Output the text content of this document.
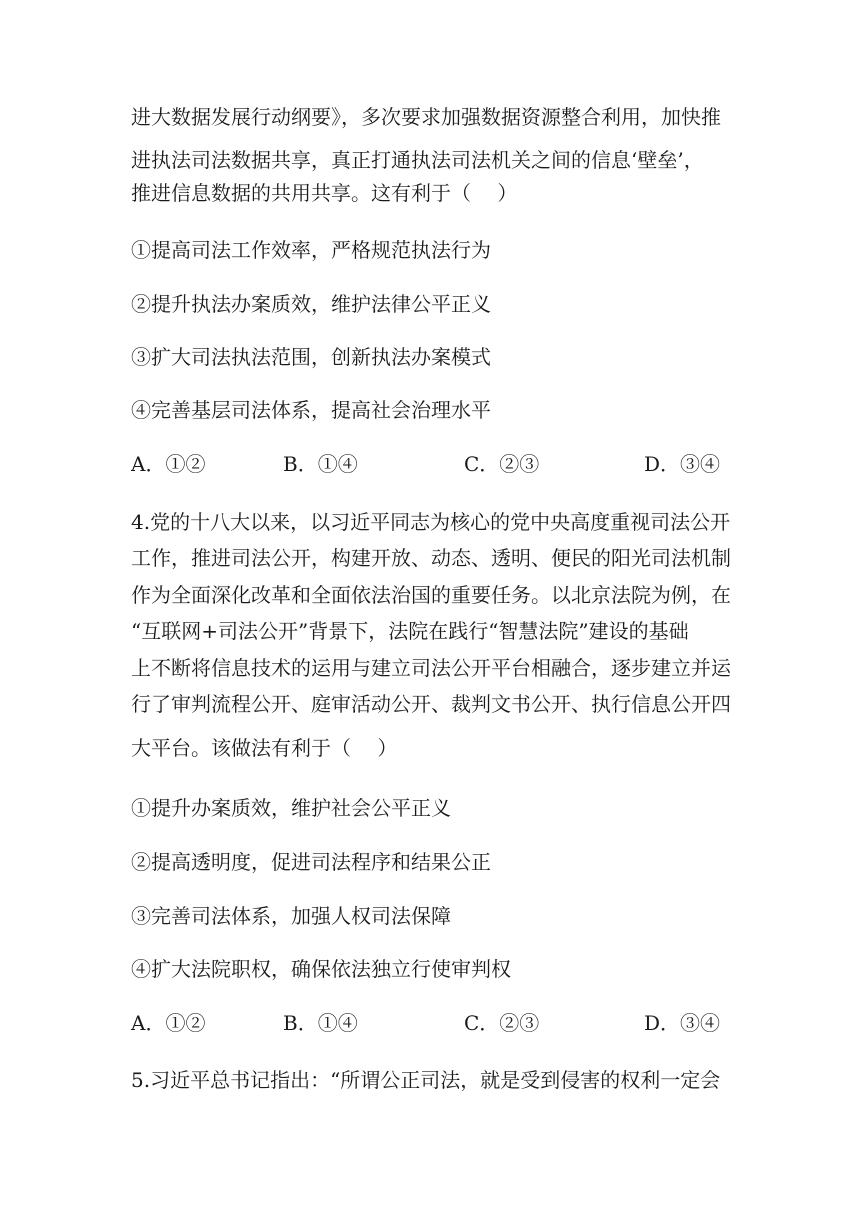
进大数据发展行动纲要》，多次要求加强数据资源整合利用，加快推
进执法司法数据共享，真正打通执法司法机关之间的信息‘壁垒’，
推进信息数据的共用共享。这有利于（　 ）
①提高司法工作效率，严格规范执法行为
②提升执法办案质效，维护法律公平正义
③扩大司法执法范围，创新执法办案模式
④完善基层司法体系，提高社会治理水平
A．①②	B．①④	C．②③	D．③④
4.党的十八大以来，以习近平同志为核心的党中央高度重视司法公开
工作，推进司法公开，构建开放、动态、透明、便民的阳光司法机制
作为全面深化改革和全面依法治国的重要任务。以北京法院为例，在
“互联网+司法公开”背景下，法院在践行“智慧法院”建设的基础
上不断将信息技术的运用与建立司法公开平台相融合，逐步建立并运
行了审判流程公开、庭审活动公开、裁判文书公开、执行信息公开四
大平台。该做法有利于（　 ）
①提升办案质效，维护社会公平正义
②提高透明度，促进司法程序和结果公正
③完善司法体系，加强人权司法保障
④扩大法院职权，确保依法独立行使审判权
A．①②	B．①④	C．②③	D．③④
5.习近平总书记指出：“所谓公正司法，就是受到侵害的权利一定会
